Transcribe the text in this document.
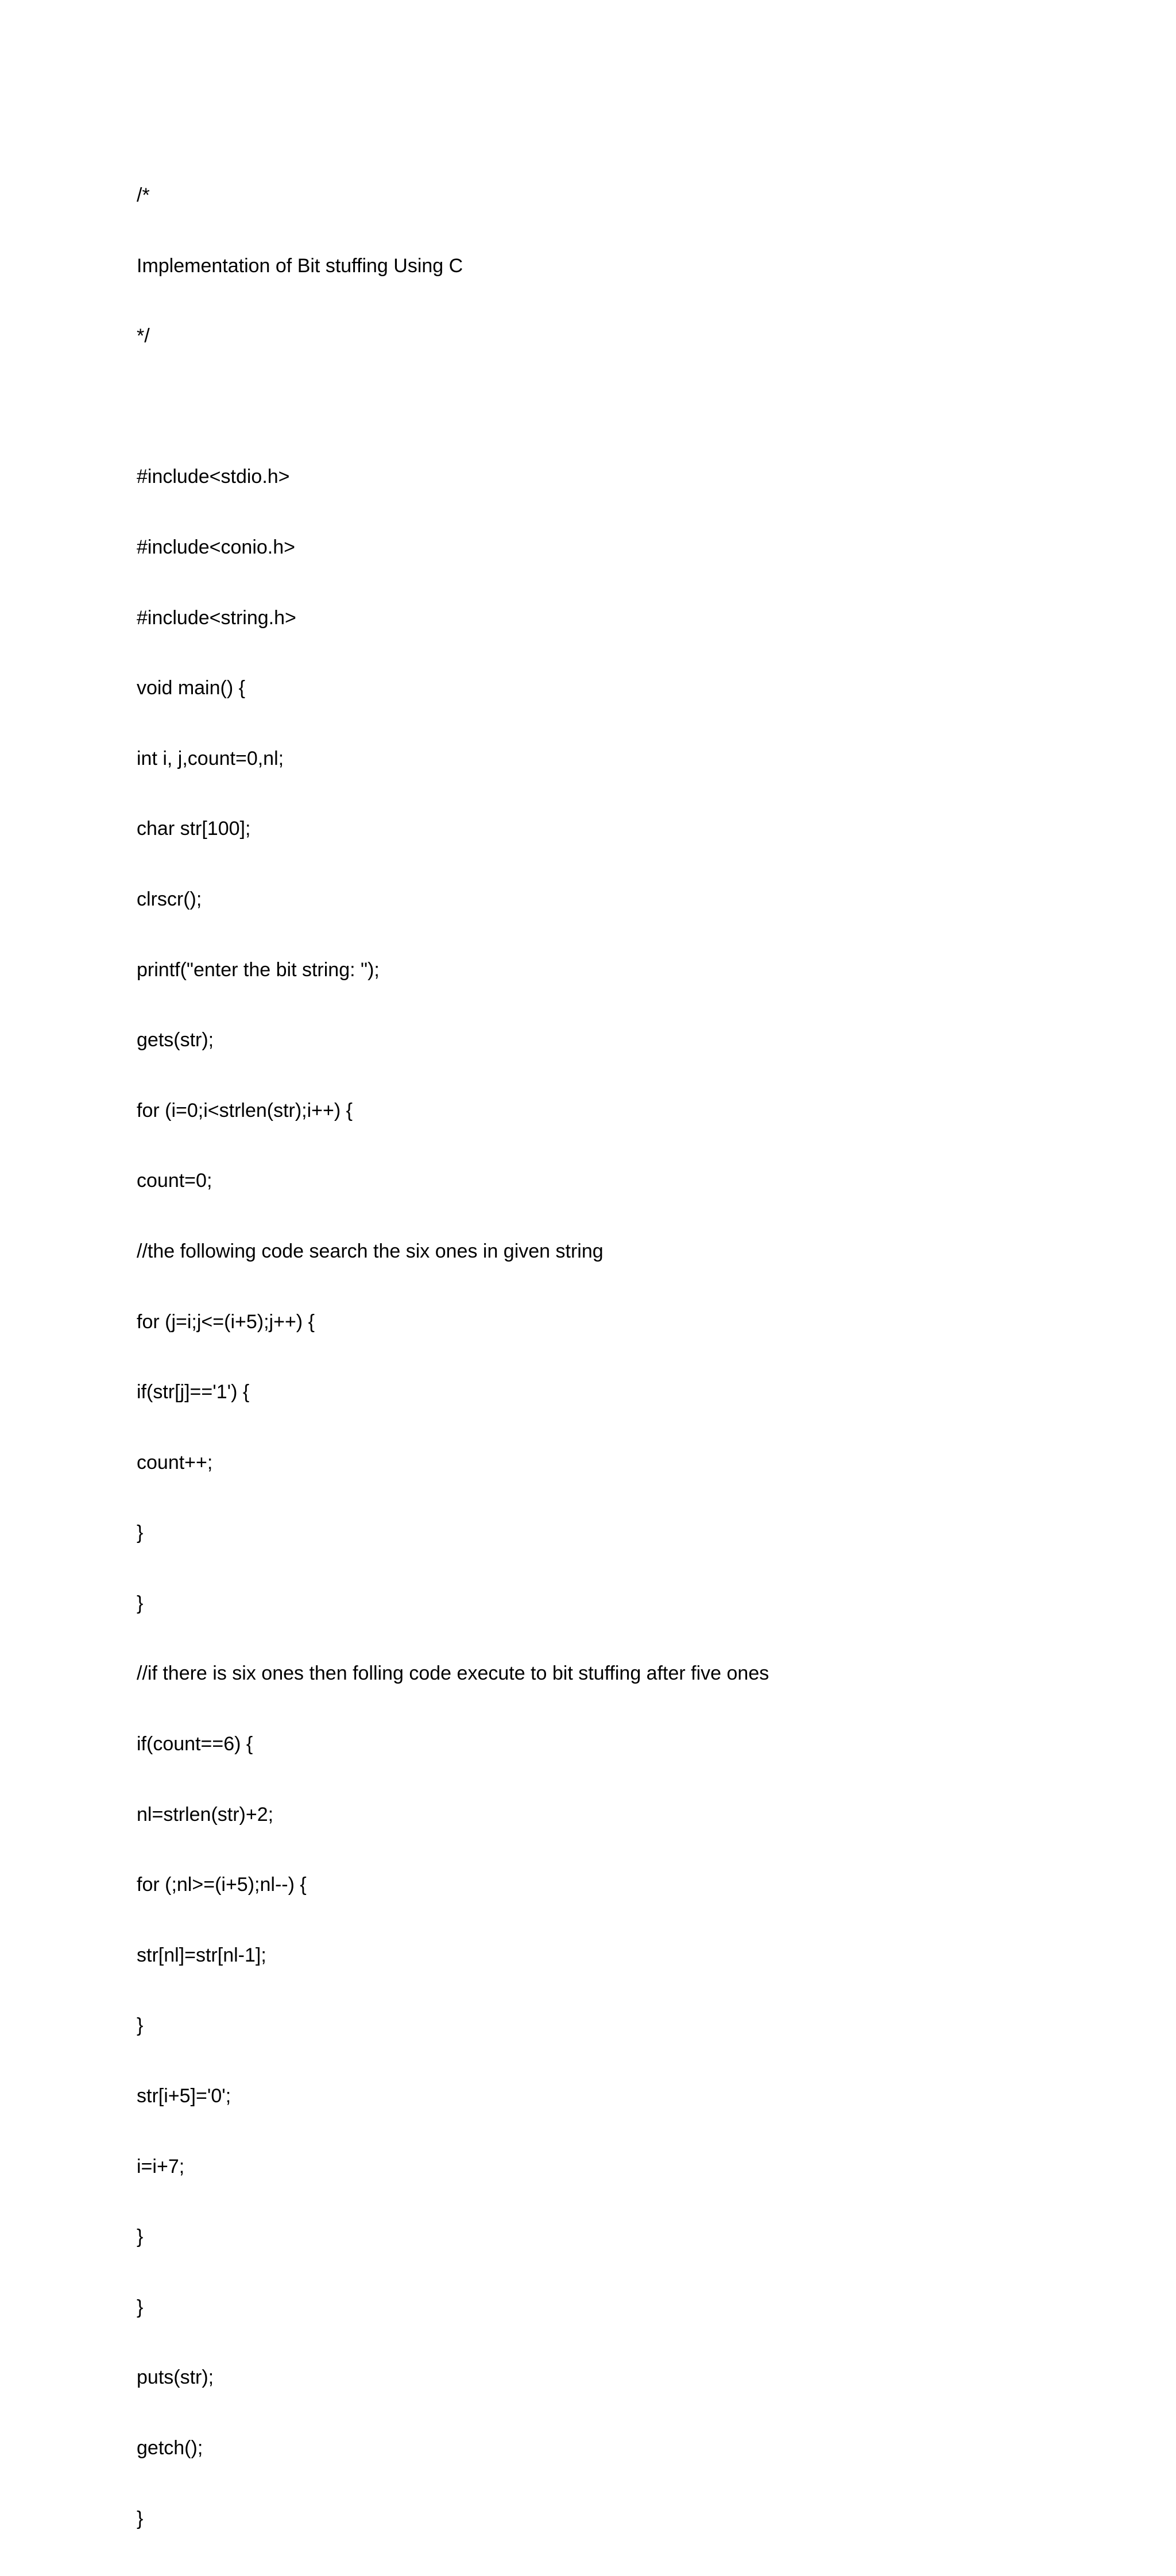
/*

Implementation of Bit stuffing Using C

*/

#include<stdio.h>

#include<conio.h>

#include<string.h>

void main() {

int i, j,count=0,nl;

char str[100];

clrscr();

printf("enter the bit string: ");

gets(str);

for (i=0;i<strlen(str);i++) {

count=0;

//the following code search the six ones in given string

for (j=i;j<=(i+5);j++) {

if(str[j]=='1') {

count++;

}

}

//if there is six ones then folling code execute to bit stuffing after five ones

if(count==6) {

nl=strlen(str)+2;

for (;nl>=(i+5);nl--) {

str[nl]=str[nl-1];

}

str[i+5]='0';

i=i+7;

}

}

puts(str);

getch();

}
